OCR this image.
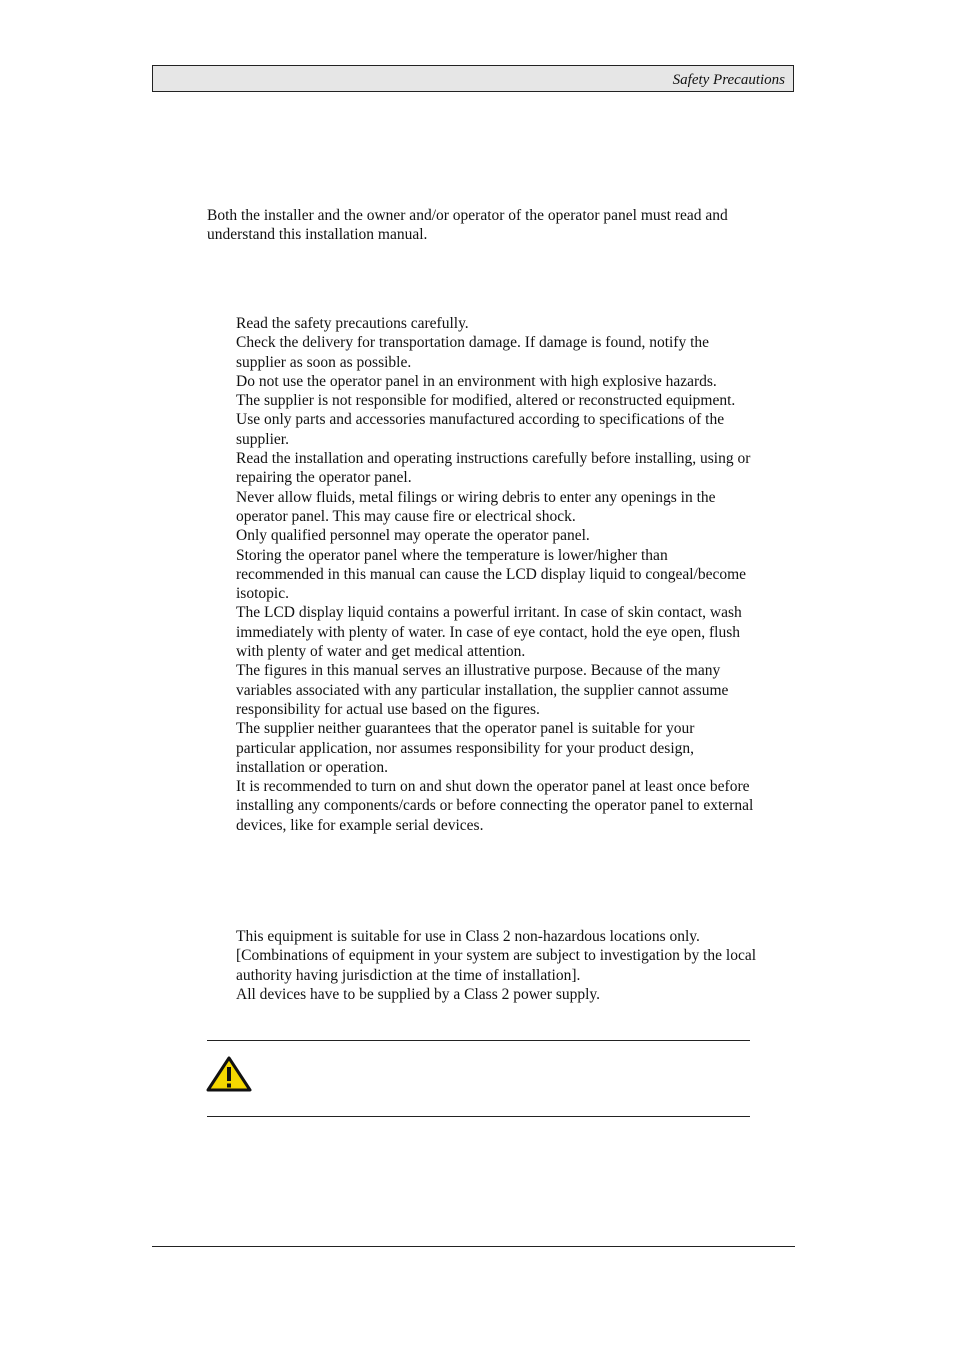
Safety Precautions

Both the installer and the owner and/or operator of the operator panel must read and understand this installation manual.

Read the safety precautions carefully.
Check the delivery for transportation damage. If damage is found, notify the supplier as soon as possible.
Do not use the operator panel in an environment with high explosive hazards.
The supplier is not responsible for modified, altered or reconstructed equipment.
Use only parts and accessories manufactured according to specifications of the supplier.
Read the installation and operating instructions carefully before installing, using or repairing the operator panel.
Never allow fluids, metal filings or wiring debris to enter any openings in the operator panel. This may cause fire or electrical shock.
Only qualified personnel may operate the operator panel.
Storing the operator panel where the temperature is lower/higher than recommended in this manual can cause the LCD display liquid to congeal/become isotopic.
The LCD display liquid contains a powerful irritant. In case of skin contact, wash immediately with plenty of water. In case of eye contact, hold the eye open, flush with plenty of water and get medical attention.
The figures in this manual serves an illustrative purpose. Because of the many variables associated with any particular installation, the supplier cannot assume responsibility for actual use based on the figures.
The supplier neither guarantees that the operator panel is suitable for your particular application, nor assumes responsibility for your product design, installation or operation.
It is recommended to turn on and shut down the operator panel at least once before installing any components/cards or before connecting the operator panel to external devices, like for example serial devices.
This equipment is suitable for use in Class 2 non-hazardous locations only. [Combinations of equipment in your system are subject to investigation by the local authority having jurisdiction at the time of installation].
All devices have to be supplied by a Class 2 power supply.
